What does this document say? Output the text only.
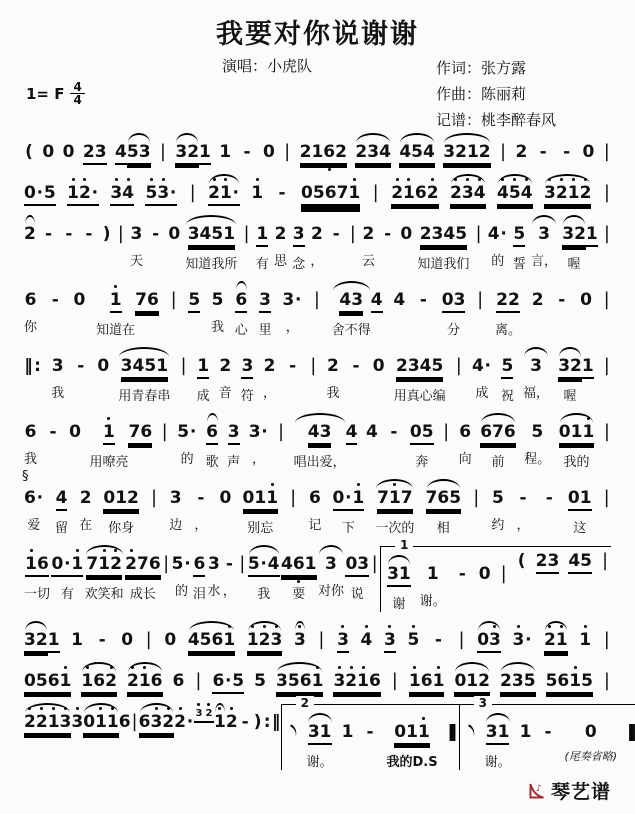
我要对你说谢谢
演唱：小虎队	作词：张方露
作曲：陈丽莉
记谱：桃李醉春风
1= F 4
4
( 0 0 2 3 4 5 3 | 3 2 1 1 - 0 | 2 1 6 2 2 3 4 4 5 4 3 2 1 2 | 2 - - 0 |
0 · 5 1 2 · 3 4 5 3 · | 2 1 · 1 - 0 5 6 7 1 | 2 1 6 2 2 3 4 4 5 4 3 2 1 2 |
2 - - - ) | 3
天
- 0 3 4 5 1
知道我所
| 1
有
2
思
3
念
2
，
- | 2
云
- 0 2 3 4 5
知道我们
| 4 ·
的
5
誓
3
言，
3 2
喔
1 |
6
你
- 0 1
知道在
7 6 | 5 5
我
6
心
3
里
3 ·
，
| 4 3
舍不得
4 4 - 0 3
分
| 2 2
离。
2 - 0 |
‖ : 3
我
- 0 3 4 5 1
用青春串
| 1
成
2
音
3
符
2
，
- | 2
我
- 0 2 3 4 5
用真心编
| 4 ·
成
5
祝
3
福，
3 2
喔
1 |
6
我
- 0 1
用嘹亮
7 6 | 5 ·
的
6
歌
3
声
3 ·
，
| 4 3
唱出爱，
4 4 - 0 5
奔
| 6
向
6 7 6
前
5
程。
0 1 1
我的
|
§
6 ·
爱
4
留
2
在
0 1 2
你身
| 3
边
-
，
0 0 1 1
别忘
| 6
记
0 · 1
下
7 1 7
一次的
7 6 5
相
| 5
约
-
，
- 0 1
这
|
1 6
一切
0 · 1
有
7 1 2
欢笑和
2 7 6
成长
| 5 ·
的
6
泪
3
水
-
，
| 5 · 4
我
4 6 1
要
3
对你
0 3
说
|
1
3 1
谢
1
谢。
- 0 |
( 2 3 4 5 |
3 2 1 1 - 0 | 0 4 5 6 1 1 2 3 3 | 3 4 3 5 - | 0 3 3 · 2 1 1 |
0 5 6 1
~
1 6 2 2 1 6 6 | 6 · 5 5 3 5 6 1 3 2 1 6 | 1 6 1 0 1 2 2 3 5 5 6 1 5 |
2 2 1 3 3 0 1 1 6 | 6 3 2 2 · 3 2 1 2 - ) : ‖
2
3 1
谢。
1 - 0 1 1
我的D.S
‖
3
3 1
谢。
1 - 0
(尾奏省略)
‖
♪ 琴艺谱
